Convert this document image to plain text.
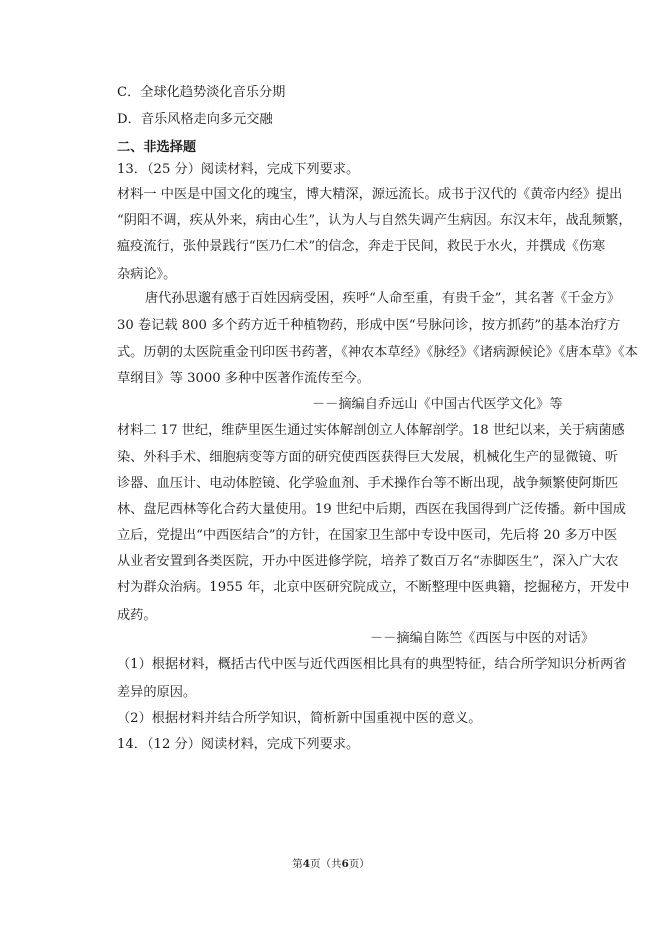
C．全球化趋势淡化音乐分期
D．音乐风格走向多元交融
二、非选择题
13．（25 分）阅读材料，完成下列要求。
材料一 中医是中国文化的瑰宝，博大精深，源远流长。成书于汉代的《黄帝内经》提出
“阴阳不调，疾从外来，病由心生”，认为人与自然失调产生病因。东汉末年，战乱频繁，
瘟疫流行，张仲景践行“医乃仁术”的信念，奔走于民间，救民于水火，并撰成《伤寒
杂病论》。
唐代孙思邈有感于百姓因病受困，疾呼“人命至重，有贵千金”，其名著《千金方》
30 卷记载 800 多个药方近千种植物药，形成中医“号脉问诊，按方抓药”的基本治疗方
式。历朝的太医院重金刊印医书药著，《神农本草经》《脉经》《诸病源候论》《唐本草》《本
草纲目》等 3000 多种中医著作流传至今。
－－摘编自乔远山《中国古代医学文化》等
材料二 17 世纪，维萨里医生通过实体解剖创立人体解剖学。18 世纪以来，关于病菌感
染、外科手术、细胞病变等方面的研究使西医获得巨大发展，机械化生产的显微镜、听
诊器、血压计、电动体腔镜、化学验血剂、手术操作台等不断出现，战争频繁使阿斯匹
林、盘尼西林等化合药大量使用。19 世纪中后期，西医在我国得到广泛传播。新中国成
立后，党提出“中西医结合”的方针，在国家卫生部中专设中医司，先后将 20 多万中医
从业者安置到各类医院，开办中医进修学院，培养了数百万名“赤脚医生”，深入广大农
村为群众治病。1955 年，北京中医研究院成立，不断整理中医典籍，挖掘秘方，开发中
成药。
－－摘编自陈竺《西医与中医的对话》
（1）根据材料，概括古代中医与近代西医相比具有的典型特征，结合所学知识分析两省
差异的原因。
（2）根据材料并结合所学知识，简析新中国重视中医的意义。
14．（12 分）阅读材料，完成下列要求。
第4页（共6页）
